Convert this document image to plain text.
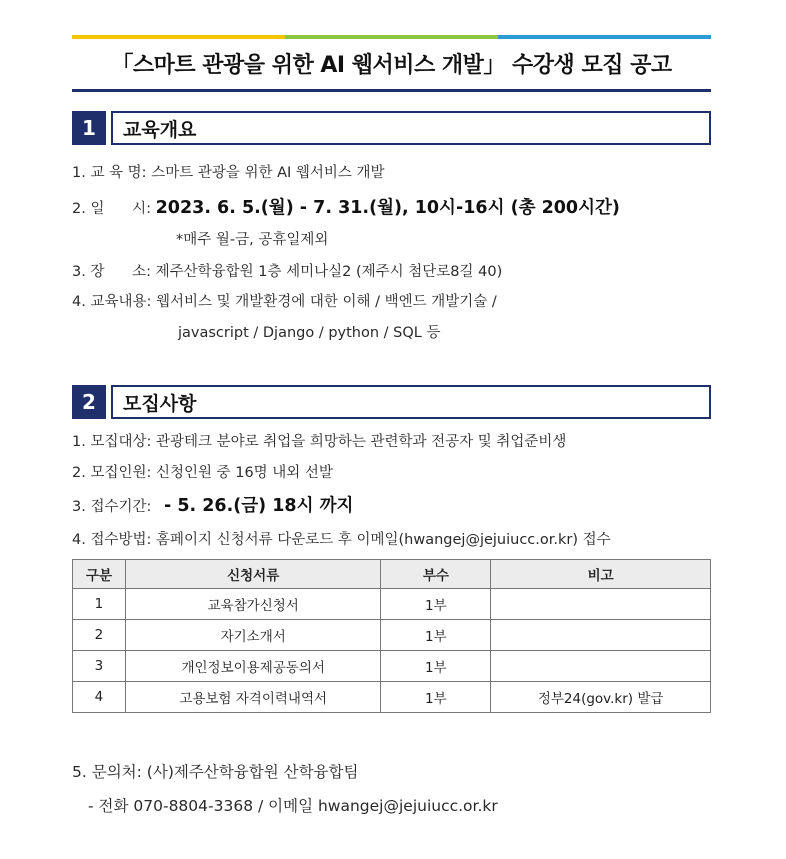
「스마트 관광을 위한 AI 웹서비스 개발」 수강생 모집 공고
1	교육개요
1. 교 육 명: 스마트 관광을 위한 AI 웹서비스 개발
2. 일      시: 2023. 6. 5.(월) - 7. 31.(월), 10시-16시 (총 200시간)
*매주 월-금, 공휴일제외
3. 장      소: 제주산학융합원 1층 세미나실2 (제주시 첨단로8길 40)
4. 교육내용: 웹서비스 및 개발환경에 대한 이해 / 백엔드 개발기술 /
javascript / Django / python / SQL 등
2	모집사항
1. 모집대상: 관광테크 분야로 취업을 희망하는 관련학과 전공자 및 취업준비생
2. 모집인원: 신청인원 중 16명 내외 선발
3. 접수기간: - 5. 26.(금) 18시 까지
4. 접수방법: 홈페이지 신청서류 다운로드 후 이메일(hwangej@jejuiucc.or.kr) 접수
구분	신청서류	부수	비고
1	교육참가신청서	1부	
2	자기소개서	1부	
3	개인정보이용제공동의서	1부	
4	고용보험 자격이력내역서	1부	정부24(gov.kr) 발급
5. 문의처: (사)제주산학융합원 산학융합팀
- 전화 070-8804-3368 / 이메일 hwangej@jejuiucc.or.kr
